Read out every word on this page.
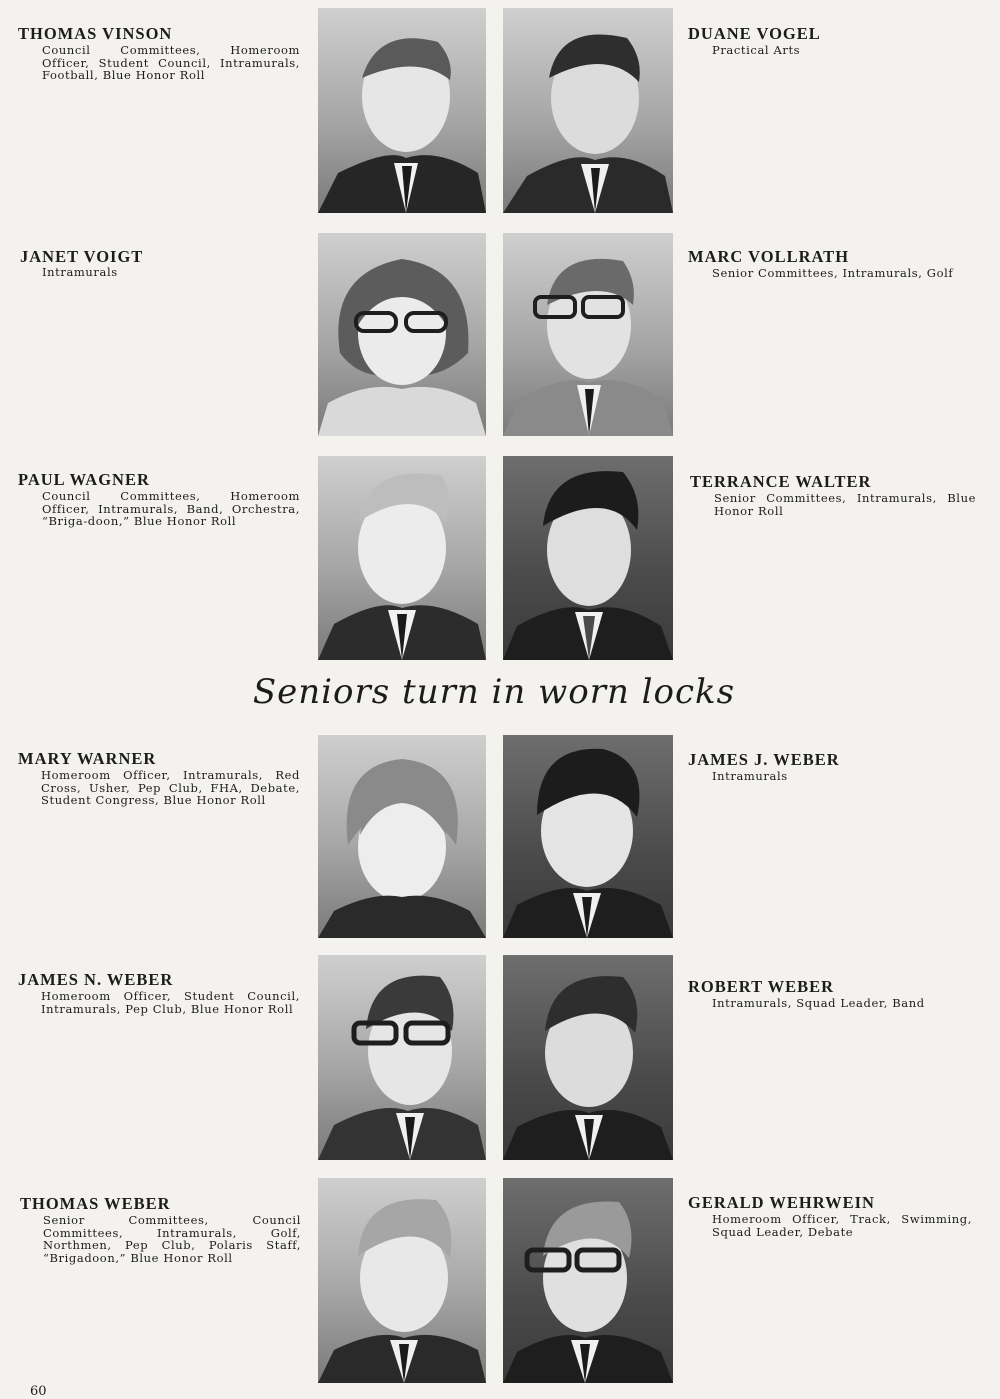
THOMAS VINSON

Council Committees, Homeroom Officer, Student Council, Intramurals, Football, Blue Honor Roll

DUANE VOGEL

Practical Arts

JANET VOIGT

Intramurals

MARC VOLLRATH

Senior Committees, Intramurals, Golf

PAUL WAGNER

Council Committees, Homeroom Officer, Intramurals, Band, Orchestra, “Briga-doon,” Blue Honor Roll

TERRANCE WALTER

Senior Committees, Intramurals, Blue Honor Roll

Seniors turn in worn locks

MARY WARNER

Homeroom Officer, Intramurals, Red Cross, Usher, Pep Club, FHA, Debate, Student Congress, Blue Honor Roll

JAMES J. WEBER

Intramurals

JAMES N. WEBER

Homeroom Officer, Student Council, Intramurals, Pep Club, Blue Honor Roll

ROBERT WEBER

Intramurals, Squad Leader, Band

THOMAS WEBER

Senior Committees, Council Committees, Intramurals, Golf, Northmen, Pep Club, Polaris Staff, “Brigadoon,” Blue Honor Roll

GERALD WEHRWEIN

Homeroom Officer, Track, Swimming, Squad Leader, Debate

60
